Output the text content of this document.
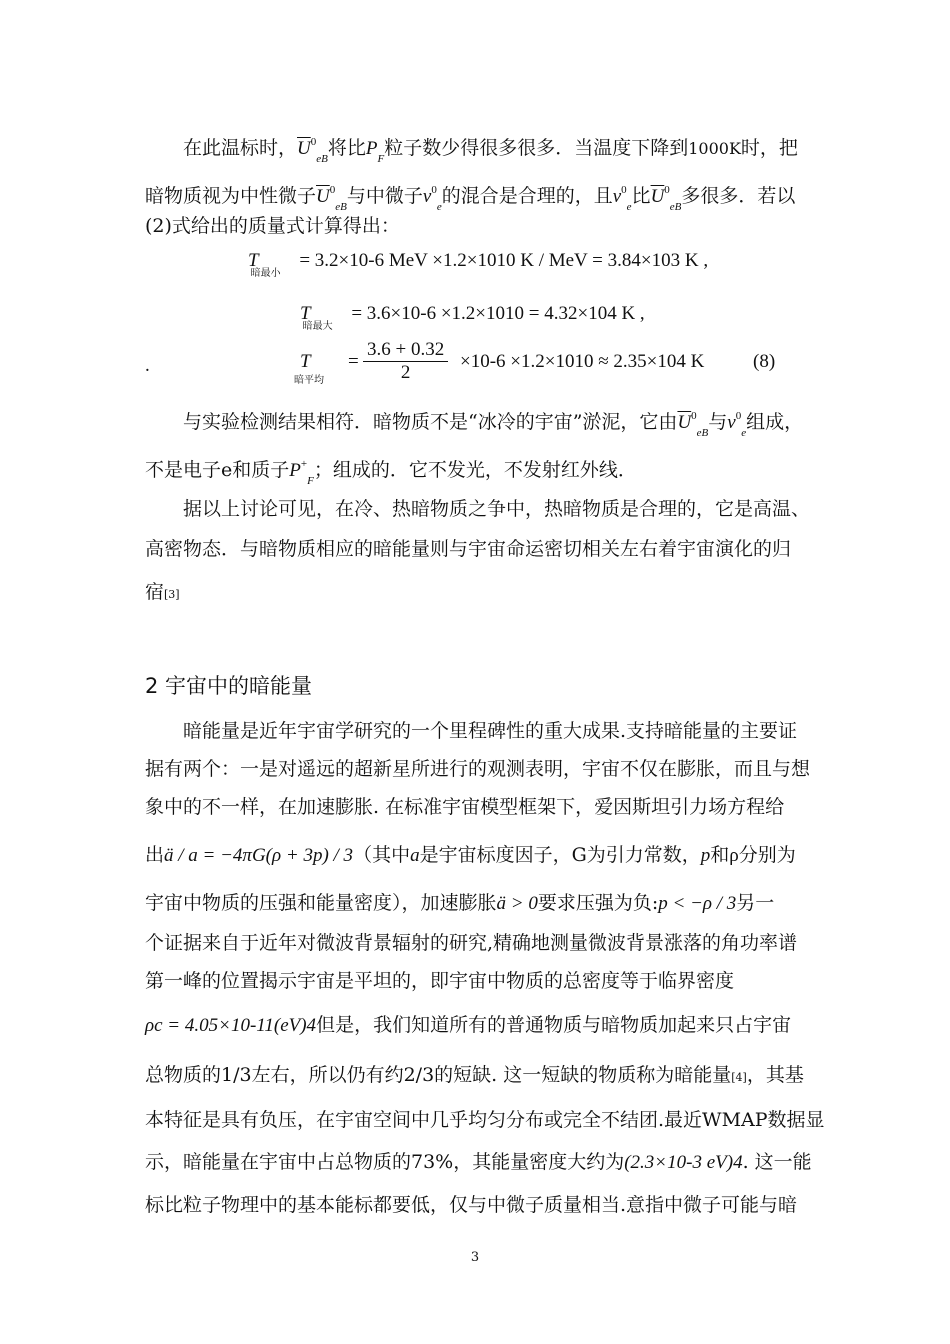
在此温标时，$\overline{U}^0_{eB}$将比$P_F$粒子数少得很多很多．当温度下降到1000K时，把
暗物质视为中性微子$\overline{U}^0_{eB}$与中微子$v^0_e$的混合是合理的，且$v^0_e$比$\overline{U}^0_{eB}$多很多．若以
(2)式给出的质量式计算得出：
$T_{暗最小} = 3.2\times 10-6$ MeV ×1.2×1010 K / MeV = 3.84×103 K ,
$T_{暗最大} = 3.6\times 10-6 \times 1.2\times 1010 = 4.32\times 104$ K ,
.	T
暗平均
= $\frac{3.6 + 0.32}{2} \times 10-6 \times 1.2\times 1010 \approx 2.35\times 104$ K	(8)
与实验检测结果相符．暗物质不是“冰冷的宇宙”淤泥，它由$\overline{U}^0_{eB}$与$v^0_e$组成，
不是电子e和质子$P^+_F$；组成的．它不发光，不发射红外线．
据以上讨论可见，在冷、热暗物质之争中，热暗物质是合理的，它是高温、
高密物态．与暗物质相应的暗能量则与宇宙命运密切相关左右着宇宙演化的归
宿[3]
2 宇宙中的暗能量
暗能量是近年宇宙学研究的一个里程碑性的重大成果.支持暗能量的主要证
据有两个：一是对遥远的超新星所进行的观测表明，宇宙不仅在膨胀，而且与想
象中的不一样，在加速膨胀. 在标准宇宙模型框架下，爱因斯坦引力场方程给
出ä / a = −4πG(ρ + 3p) / 3（其中a是宇宙标度因子，G为引力常数，p和ρ分别为
宇宙中物质的压强和能量密度），加速膨胀ä > 0要求压强为负:p < −ρ / 3另一
个证据来自于近年对微波背景辐射的研究,精确地测量微波背景涨落的角功率谱
第一峰的位置揭示宇宙是平坦的，即宇宙中物质的总密度等于临界密度
ρc = 4.05×10-11(eV)4但是，我们知道所有的普通物质与暗物质加起来只占宇宙
总物质的1/3左右，所以仍有约2/3的短缺. 这一短缺的物质称为暗能量[4]，其基
本特征是具有负压，在宇宙空间中几乎均匀分布或完全不结团.最近WMAP数据显
示，暗能量在宇宙中占总物质的73%，其能量密度大约为(2.3×10-3 eV)4. 这一能
标比粒子物理中的基本能标都要低，仅与中微子质量相当.意指中微子可能与暗
3
